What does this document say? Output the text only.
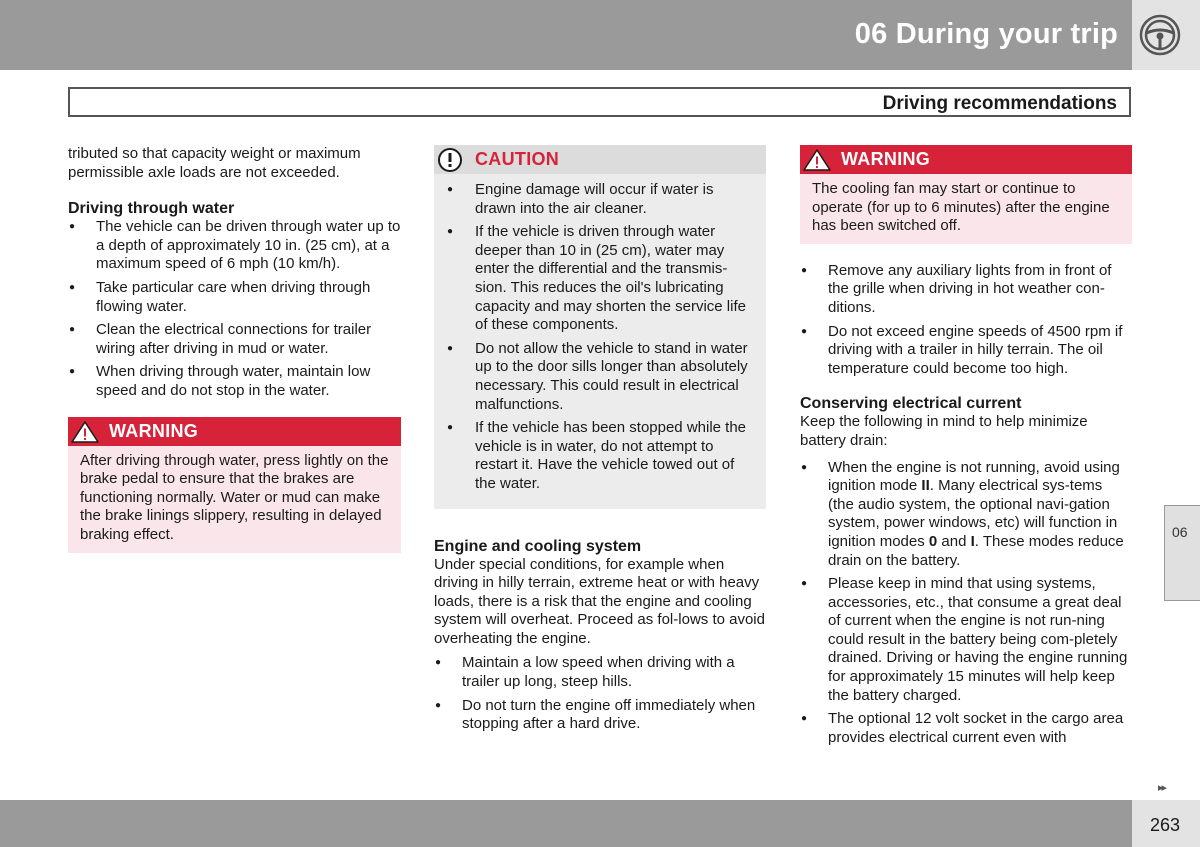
06 During your trip
Driving recommendations

tributed so that capacity weight or maximum permissible axle loads are not exceeded.

Driving through water
● The vehicle can be driven through water up to a depth of approximately 10 in. (25 cm), at a maximum speed of 6 mph (10 km/h).
● Take particular care when driving through flowing water.
● Clean the electrical connections for trailer wiring after driving in mud or water.
● When driving through water, maintain low speed and do not stop in the water.
WARNING
After driving through water, press lightly on the brake pedal to ensure that the brakes are functioning normally. Water or mud can make the brake linings slippery, resulting in delayed braking effect.
CAUTION
● Engine damage will occur if water is drawn into the air cleaner.
● If the vehicle is driven through water deeper than 10 in (25 cm), water may enter the differential and the transmis-sion. This reduces the oil's lubricating capacity and may shorten the service life of these components.
● Do not allow the vehicle to stand in water up to the door sills longer than absolutely necessary. This could result in electrical malfunctions.
● If the vehicle has been stopped while the vehicle is in water, do not attempt to restart it. Have the vehicle towed out of the water.
Engine and cooling system

Under special conditions, for example when driving in hilly terrain, extreme heat or with heavy loads, there is a risk that the engine and cooling system will overheat. Proceed as fol-lows to avoid overheating the engine.

● Maintain a low speed when driving with a trailer up long, steep hills.
● Do not turn the engine off immediately when stopping after a hard drive.
WARNING
The cooling fan may start or continue to operate (for up to 6 minutes) after the engine has been switched off.
● Remove any auxiliary lights from in front of the grille when driving in hot weather con-ditions.
● Do not exceed engine speeds of 4500 rpm if driving with a trailer in hilly terrain. The oil temperature could become too high.
Conserving electrical current

Keep the following in mind to help minimize battery drain:

● When the engine is not running, avoid using ignition mode II. Many electrical sys-tems (the audio system, the optional navi-gation system, power windows, etc) will function in ignition modes 0 and I. These modes reduce drain on the battery.
● Please keep in mind that using systems, accessories, etc., that consume a great deal of current when the engine is not run-ning could result in the battery being com-pletely drained. Driving or having the engine running for approximately 15 minutes will help keep the battery charged.
● The optional 12 volt socket in the cargo area provides electrical current even with
06
▸▸
263
